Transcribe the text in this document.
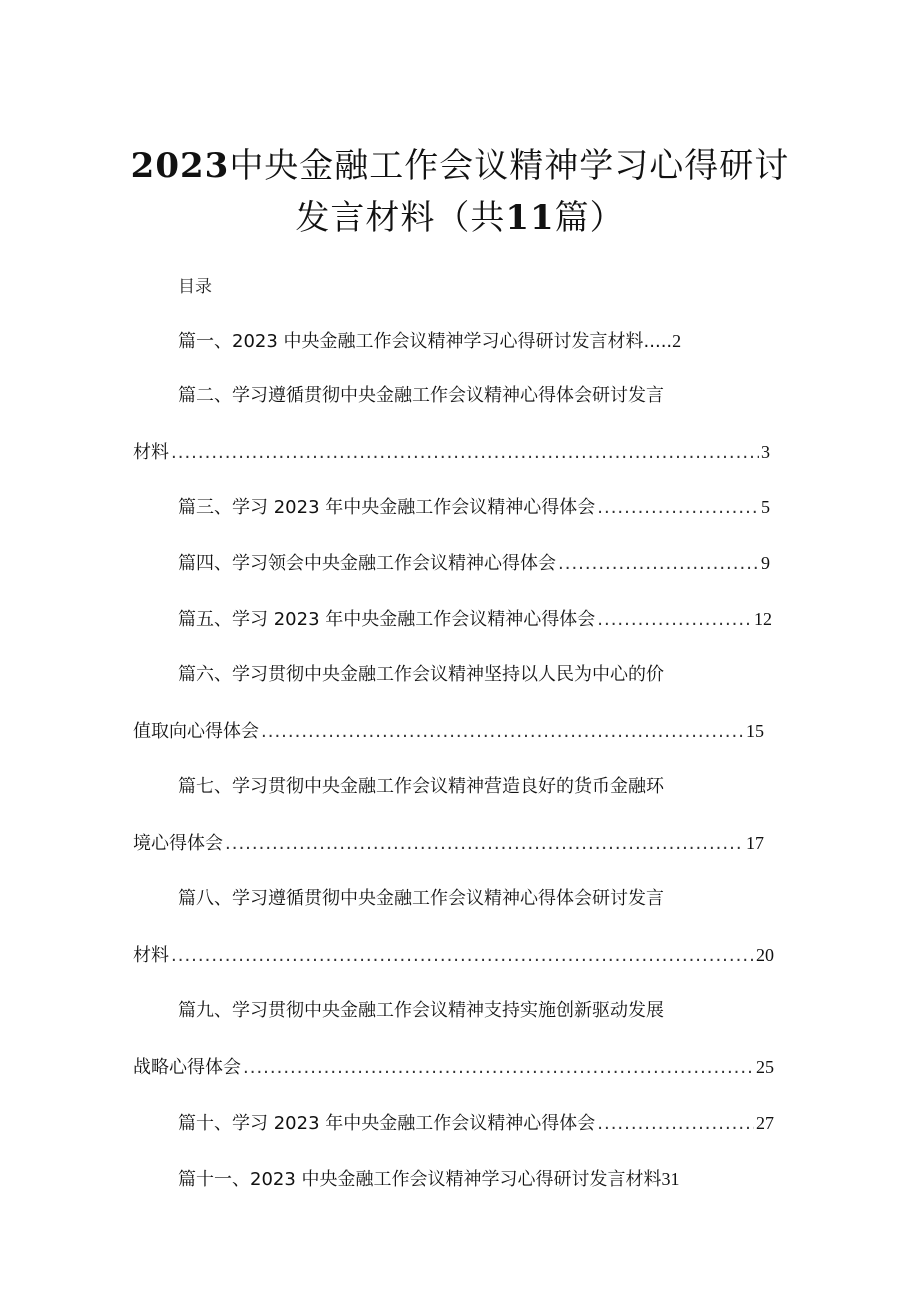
2023中央金融工作会议精神学习心得研讨
发言材料（共11篇）
目录
篇一、2023 中央金融工作会议精神学习心得研讨发言材料..... 2
篇二、学习遵循贯彻中央金融工作会议精神心得体会研讨发言
材料 .....	3
篇三、学习 2023 年中央金融工作会议精神心得体会 .....	5
篇四、学习领会中央金融工作会议精神心得体会 .....	9
篇五、学习 2023 年中央金融工作会议精神心得体会 .....	12
篇六、学习贯彻中央金融工作会议精神坚持以人民为中心的价
值取向心得体会 .....	15
篇七、学习贯彻中央金融工作会议精神营造良好的货币金融环
境心得体会 .....	17
篇八、学习遵循贯彻中央金融工作会议精神心得体会研讨发言
材料 .....	20
篇九、学习贯彻中央金融工作会议精神支持实施创新驱动发展
战略心得体会 .....	25
篇十、学习 2023 年中央金融工作会议精神心得体会 .....	27
篇十一、2023 中央金融工作会议精神学习心得研讨发言材料 31
